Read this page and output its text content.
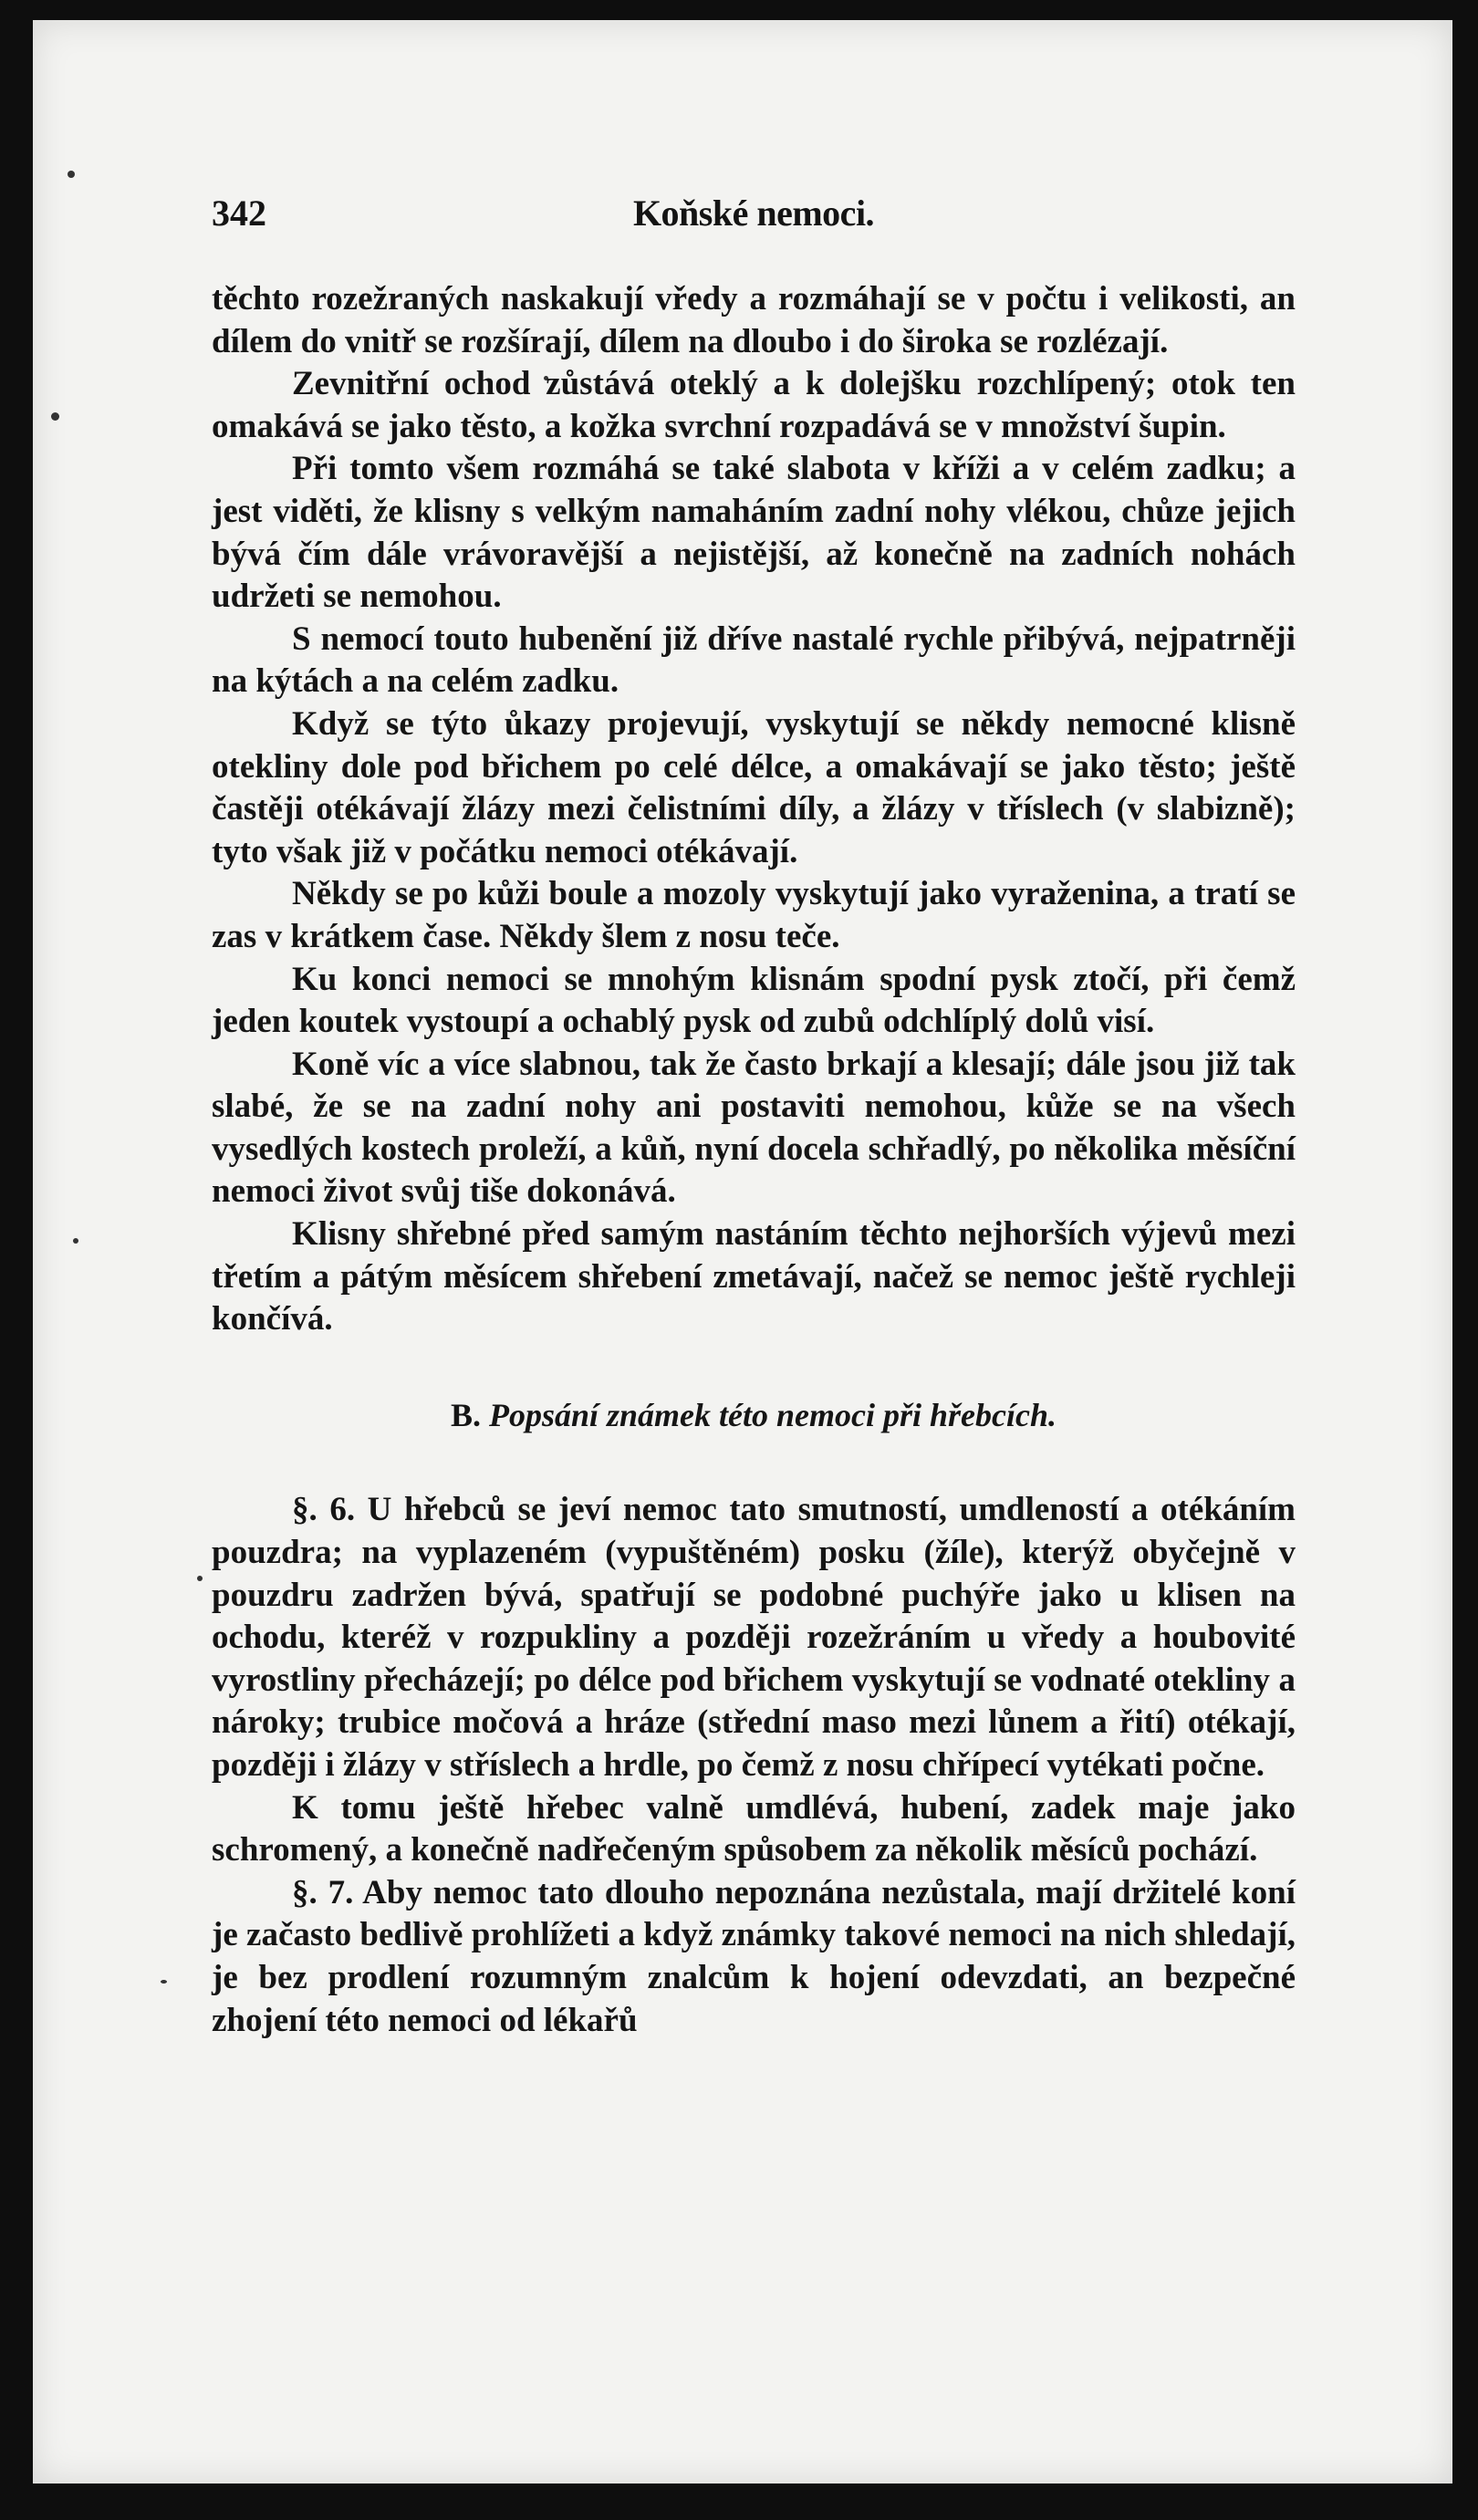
342	Koňské nemoci.

těchto rozežraných naskakují vředy a rozmáhají se v počtu i velikosti, an dílem do vnitř se rozšírají, dílem na dloubo i do široka se rozlézají.

Zevnitřní ochod zůstává oteklý a k dolejšku rozchlípený; otok ten omakává se jako těsto, a kožka svrchní rozpadává se v množství šupin.

Při tomto všem rozmáhá se také slabota v kříži a v celém zadku; a jest viděti, že klisny s velkým namaháním zadní nohy vlékou, chůze jejich bývá čím dále vrávoravější a nejistější, až konečně na zadních nohách udržeti se nemohou.

S nemocí touto hubenění již dříve nastalé rychle přibývá, nejpatrněji na kýtách a na celém zadku.

Když se týto ůkazy projevují, vyskytují se někdy nemocné klisně otekliny dole pod břichem po celé délce, a omakávají se jako těsto; ještě častěji otékávají žlázy mezi čelistními díly, a žlázy v tříslech (v slabizně); tyto však již v počátku nemoci otékávají.

Někdy se po kůži boule a mozoly vyskytují jako vyraženina, a tratí se zas v krátkem čase. Někdy šlem z nosu teče.

Ku konci nemoci se mnohým klisnám spodní pysk ztočí, při čemž jeden koutek vystoupí a ochablý pysk od zubů odchlíplý dolů visí.

Koně víc a více slabnou, tak že často brkají a klesají; dále jsou již tak slabé, že se na zadní nohy ani postaviti nemohou, kůže se na všech vysedlých kostech proleží, a kůň, nyní docela schřadlý, po několika měsíční nemoci život svůj tiše dokonává.

Klisny shřebné před samým nastáním těchto nejhorších výjevů mezi třetím a pátým měsícem shřebení zmetávají, načež se nemoc ještě rychleji končívá.

B. Popsání známek této nemoci při hřebcích.

§. 6. U hřebců se jeví nemoc tato smutností, umdleností a otékáním pouzdra; na vyplazeném (vypuštěném) posku (žíle), kterýž obyčejně v pouzdru zadržen bývá, spatřují se podobné puchýře jako u klisen na ochodu, kteréž v rozpukliny a později rozežráním u vředy a houbovité vyrostliny přecházejí; po délce pod břichem vyskytují se vodnaté otekliny a nároky; trubice močová a hráze (střední maso mezi lůnem a řití) otékají, později i žlázy v stříslech a hrdle, po čemž z nosu chřípecí vytékati počne.

K tomu ještě hřebec valně umdlévá, hubení, zadek maje jako schromený, a konečně nadřečeným spůsobem za několik měsíců pochází.

§. 7. Aby nemoc tato dlouho nepoznána nezůstala, mají držitelé koní je začasto bedlivě prohlížeti a když známky takové nemoci na nich shledají, je bez prodlení rozumným znalcům k hojení odevzdati, an bezpečné zhojení této nemoci od lékařů
